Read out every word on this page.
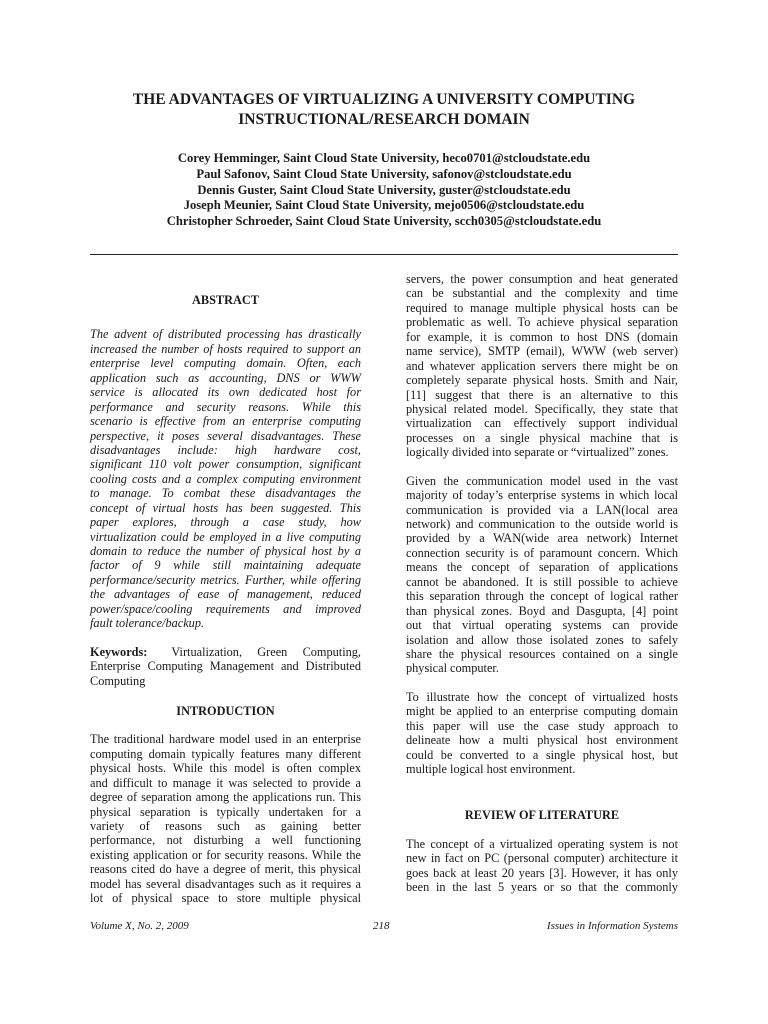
THE ADVANTAGES OF VIRTUALIZING A UNIVERSITY COMPUTING
INSTRUCTIONAL/RESEARCH DOMAIN
Corey Hemminger, Saint Cloud State University, heco0701@stcloudstate.edu
Paul Safonov, Saint Cloud State University, safonov@stcloudstate.edu
Dennis Guster, Saint Cloud State University, guster@stcloudstate.edu
Joseph Meunier, Saint Cloud State University, mejo0506@stcloudstate.edu
Christopher Schroeder, Saint Cloud State University, scch0305@stcloudstate.edu
ABSTRACT
The advent of distributed processing has drastically
increased the number of hosts required to support an
enterprise level computing domain. Often, each
application such as accounting, DNS or WWW
service is allocated its own dedicated host for
performance and security reasons. While this
scenario is effective from an enterprise computing
perspective, it poses several disadvantages. These
disadvantages include: high hardware cost,
significant 110 volt power consumption, significant
cooling costs and a complex computing environment
to manage. To combat these disadvantages the
concept of virtual hosts has been suggested. This
paper explores, through a case study, how
virtualization could be employed in a live computing
domain to reduce the number of physical host by a
factor of 9 while still maintaining adequate
performance/security metrics. Further, while offering
the advantages of ease of management, reduced
power/space/cooling requirements and improved
fault tolerance/backup.
Keywords: Virtualization, Green Computing,
Enterprise Computing Management and Distributed
Computing
INTRODUCTION
The traditional hardware model used in an enterprise
computing domain typically features many different
physical hosts. While this model is often complex
and difficult to manage it was selected to provide a
degree of separation among the applications run. This
physical separation is typically undertaken for a
variety of reasons such as gaining better
performance, not disturbing a well functioning
existing application or for security reasons. While the
reasons cited do have a degree of merit, this physical
model has several disadvantages such as it requires a
lot of physical space to store multiple physical
servers, the power consumption and heat generated
can be substantial and the complexity and time
required to manage multiple physical hosts can be
problematic as well. To achieve physical separation
for example, it is common to host DNS (domain
name service), SMTP (email), WWW (web server)
and whatever application servers there might be on
completely separate physical hosts. Smith and Nair,
[11] suggest that there is an alternative to this
physical related model. Specifically, they state that
virtualization can effectively support individual
processes on a single physical machine that is
logically divided into separate or “virtualized” zones.
Given the communication model used in the vast
majority of today’s enterprise systems in which local
communication is provided via a LAN(local area
network) and communication to the outside world is
provided by a WAN(wide area network) Internet
connection security is of paramount concern. Which
means the concept of separation of applications
cannot be abandoned. It is still possible to achieve
this separation through the concept of logical rather
than physical zones. Boyd and Dasgupta, [4] point
out that virtual operating systems can provide
isolation and allow those isolated zones to safely
share the physical resources contained on a single
physical computer.
To illustrate how the concept of virtualized hosts
might be applied to an enterprise computing domain
this paper will use the case study approach to
delineate how a multi physical host environment
could be converted to a single physical host, but
multiple logical host environment.
REVIEW OF LITERATURE
The concept of a virtualized operating system is not
new in fact on PC (personal computer) architecture it
goes back at least 20 years [3]. However, it has only
been in the last 5 years or so that the commonly
Volume X, No. 2, 2009	218	Issues in Information Systems
